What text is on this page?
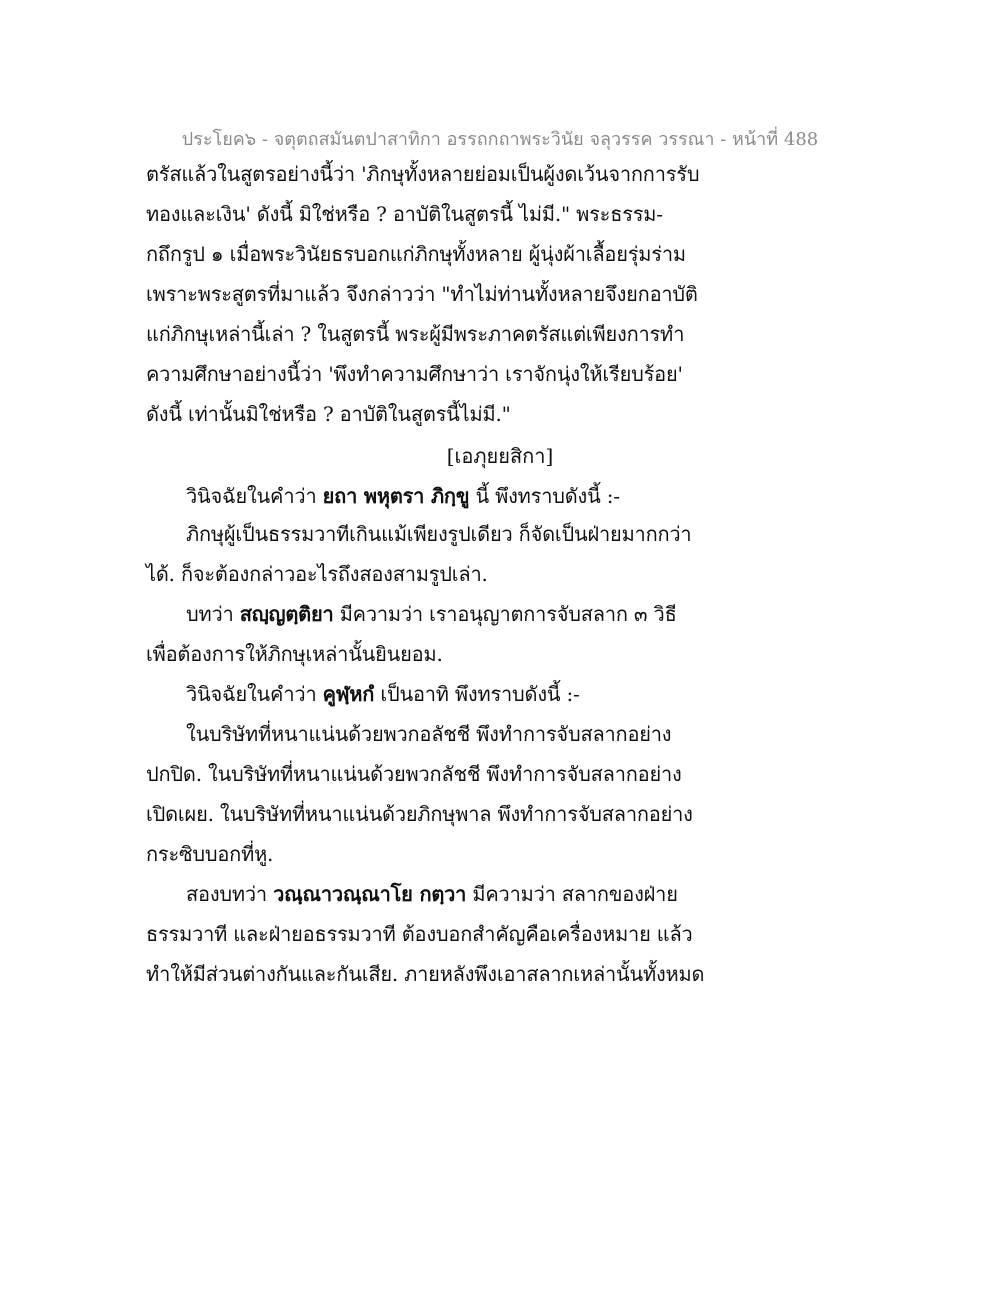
ประโยค๖ - จตุตถสมันตปาสาทิกา อรรถกถาพระวินัย จลุวรรค วรรณา - หน้าที่ 488
ตรัสแล้วในสูตรอย่างนี้ว่า 'ภิกษุทั้งหลายย่อมเป็นผู้งดเว้นจากการรับ
ทองและเงิน' ดังนี้ มิใช่หรือ ? อาบัติในสูตรนี้ ไม่มี." พระธรรม-
กถึกรูป ๑ เมื่อพระวินัยธรบอกแก่ภิกษุทั้งหลาย ผู้นุ่งผ้าเลื้อยรุ่มร่าม
เพราะพระสูตรที่มาแล้ว จึงกล่าวว่า "ทำไม่ท่านทั้งหลายจึงยกอาบัติ
แก่ภิกษุเหล่านี้เล่า ? ในสูตรนี้ พระผู้มีพระภาคตรัสแต่เพียงการทำ
ความศึกษาอย่างนี้ว่า 'พึงทำความศึกษาว่า เราจักนุ่งให้เรียบร้อย'
ดังนี้ เท่านั้นมิใช่หรือ ? อาบัติในสูตรนี้ไม่มี."
[เอภุยยสิกา]
วินิจฉัยในคำว่า ยถา พหุตรา ภิกฺขู นี้ พึงทราบดังนี้ :-
ภิกษุผู้เป็นธรรมวาทีเกินแม้เพียงรูปเดียว ก็จัดเป็นฝ่ายมากกว่า
ได้. ก็จะต้องกล่าวอะไรถึงสองสามรูปเล่า.
บทว่า สญฺญตฺติยา มีความว่า เราอนุญาตการจับสลาก ๓ วิธี
เพื่อต้องการให้ภิกษุเหล่านั้นยินยอม.
วินิจฉัยในคำว่า คูฬฺหกํ เป็นอาทิ พึงทราบดังนี้ :-
ในบริษัทที่หนาแน่นด้วยพวกอลัชชี พึงทำการจับสลากอย่าง
ปกปิด. ในบริษัทที่หนาแน่นด้วยพวกลัชชี พึงทำการจับสลากอย่าง
เปิดเผย. ในบริษัทที่หนาแน่นด้วยภิกษุพาล พึงทำการจับสลากอย่าง
กระซิบบอกที่หู.
สองบทว่า วณฺณาวณฺณาโย กตฺวา มีความว่า สลากของฝ่าย
ธรรมวาที และฝ่ายอธรรมวาที ต้องบอกสำคัญคือเครื่องหมาย แล้ว
ทำให้มีส่วนต่างกันและกันเสีย. ภายหลังพึงเอาสลากเหล่านั้นทั้งหมด
